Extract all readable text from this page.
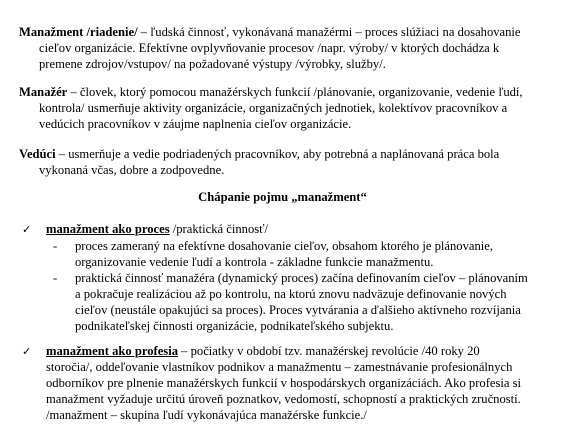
Manažment /riadenie/ – ľudská činnosť, vykonávaná manažérmi – proces slúžiaci na dosahovanie
cieľov organizácie. Efektívne ovplyvňovanie procesov /napr. výroby/ v ktorých dochádza k
premene zdrojov/vstupov/ na požadované výstupy /výrobky, služby/.
Manažér – človek, ktorý pomocou manažérskych funkcií /plánovanie, organizovanie, vedenie ľudí,
kontrola/ usmerňuje aktivity organizácie, organizačných jednotiek, kolektívov pracovníkov a
vedúcich pracovníkov v záujme naplnenia cieľov organizácie.
Vedúci – usmerňuje a vedie podriadených pracovníkov, aby potrebná a naplánovaná práca bola
vykonaná včas, dobre a zodpovedne.
Chápanie pojmu „manažment“
✓ manažment ako proces /praktická činnosť/
- proces zameraný na efektívne dosahovanie cieľov, obsahom ktorého je plánovanie,
organizovanie vedenie ľudí a kontrola - základne funkcie manažmentu.
- praktická činnosť manažéra (dynamický proces) začína definovaním cieľov – plánovaním
a pokračuje realizáciou až po kontrolu, na ktorú znovu nadväzuje definovanie nových
cieľov (neustále opakujúci sa proces). Proces vytvárania a ďalšieho aktívneho rozvíjania
podnikateľskej činnosti organizácie, podnikateľského subjektu.
✓ manažment ako profesia – počiatky v období tzv. manažérskej revolúcie /40 roky 20
storočia/, oddeľovanie vlastníkov podnikov a manažmentu – zamestnávanie profesionálnych
odborníkov pre plnenie manažérskych funkcií v hospodárskych organizáciách. Ako profesia si
manažment vyžaduje určitú úroveň poznatkov, vedomostí, schopností a praktických zručností.
/manažment – skupina ľudí vykonávajúca manažérske funkcie./
